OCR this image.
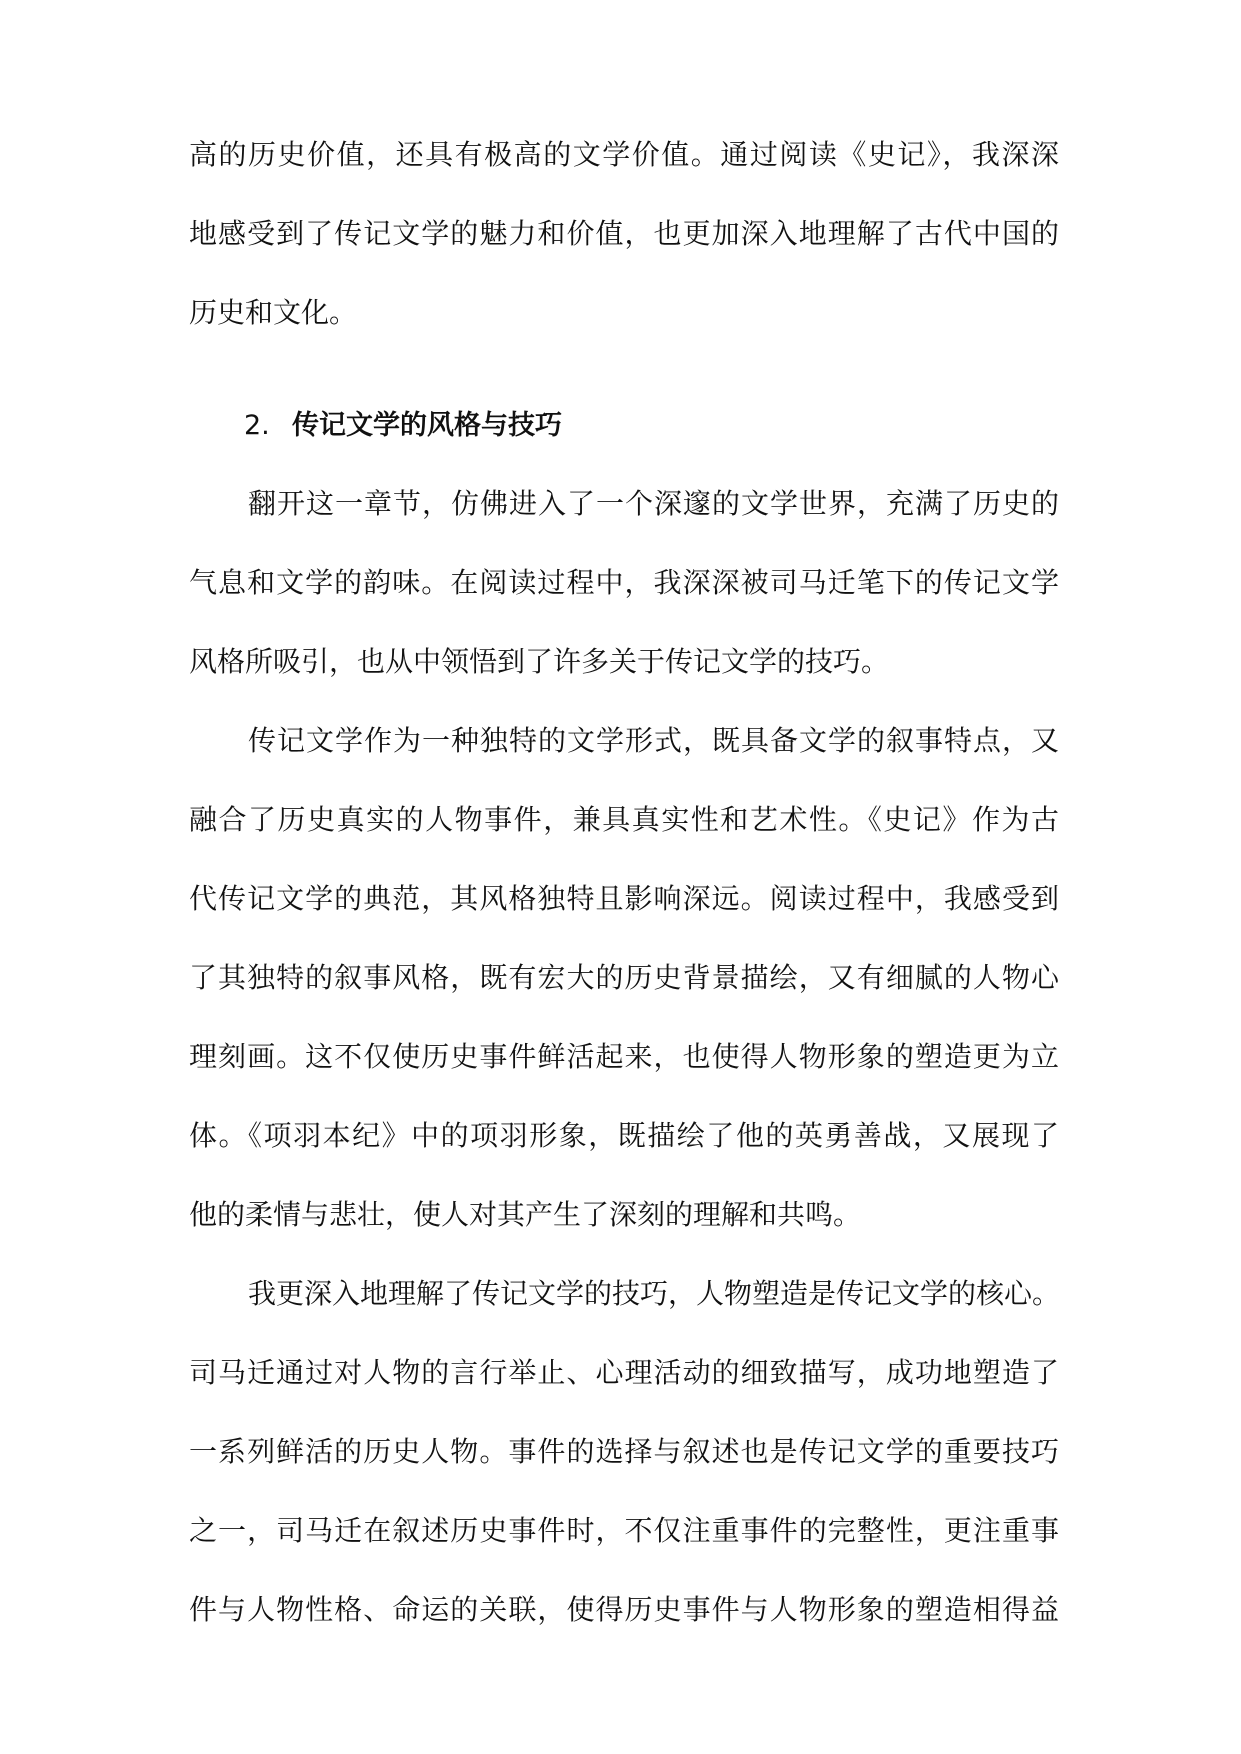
高的历史价值，还具有极高的文学价值。通过阅读《史记》，我深深

地感受到了传记文学的魅力和价值，也更加深入地理解了古代中国的

历史和文化。

2. 传记文学的风格与技巧

翻开这一章节，仿佛进入了一个深邃的文学世界，充满了历史的

气息和文学的韵味。在阅读过程中，我深深被司马迁笔下的传记文学

风格所吸引，也从中领悟到了许多关于传记文学的技巧。

传记文学作为一种独特的文学形式，既具备文学的叙事特点，又

融合了历史真实的人物事件，兼具真实性和艺术性。《史记》作为古

代传记文学的典范，其风格独特且影响深远。阅读过程中，我感受到

了其独特的叙事风格，既有宏大的历史背景描绘，又有细腻的人物心

理刻画。这不仅使历史事件鲜活起来，也使得人物形象的塑造更为立

体。《项羽本纪》中的项羽形象，既描绘了他的英勇善战，又展现了

他的柔情与悲壮，使人对其产生了深刻的理解和共鸣。

我更深入地理解了传记文学的技巧，人物塑造是传记文学的核心。

司马迁通过对人物的言行举止、心理活动的细致描写，成功地塑造了

一系列鲜活的历史人物。事件的选择与叙述也是传记文学的重要技巧

之一，司马迁在叙述历史事件时，不仅注重事件的完整性，更注重事

件与人物性格、命运的关联，使得历史事件与人物形象的塑造相得益
